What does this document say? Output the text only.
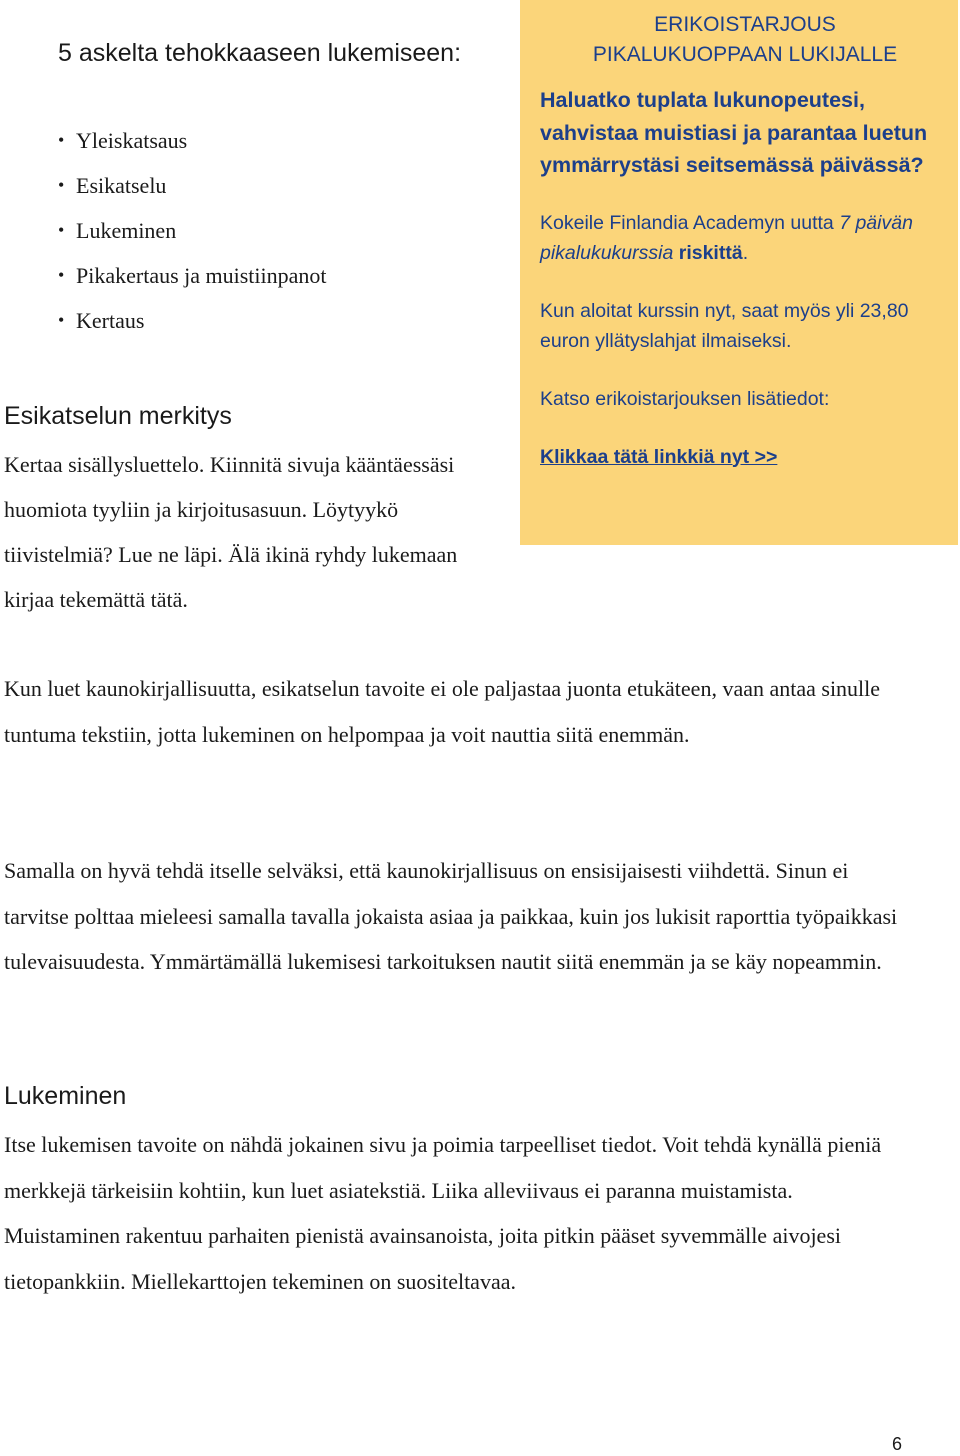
5 askelta tehokkaaseen lukemiseen:
• Yleiskatsaus
• Esikatselu
• Lukeminen
• Pikakertaus ja muistiinpanot
• Kertaus
Esikatselun merkitys

Kertaa sisällysluettelo. Kiinnitä sivuja kääntäessäsi huomiota tyyliin ja kirjoitusasuun. Löytyykö tiivistelmiä? Lue ne läpi. Älä ikinä ryhdy lukemaan kirjaa tekemättä tätä.

ERIKOISTARJOUS
PIKALUKUOPPAAN LUKIJALLE

Haluatko tuplata lukunopeutesi, vahvistaa muistiasi ja parantaa luetun ymmärrystäsi seitsemässä päivässä?

Kokeile Finlandia Academyn uutta 7 päivän pikalukukurssia riskittä.

Kun aloitat kurssin nyt, saat myös yli 23,80 euron yllätyslahjat ilmaiseksi.

Katso erikoistarjouksen lisätiedot:

Klikkaa tätä linkkiä nyt >>

Kun luet kaunokirjallisuutta, esikatselun tavoite ei ole paljastaa juonta etukäteen, vaan antaa sinulle tuntuma tekstiin, jotta lukeminen on helpompaa ja voit nauttia siitä enemmän.

Samalla on hyvä tehdä itselle selväksi, että kaunokirjallisuus on ensisijaisesti viihdettä. Sinun ei tarvitse polttaa mieleesi samalla tavalla jokaista asiaa ja paikkaa, kuin jos lukisit raporttia työpaikkasi tulevaisuudesta. Ymmärtämällä lukemisesi tarkoituksen nautit siitä enemmän ja se käy nopeammin.

Lukeminen

Itse lukemisen tavoite on nähdä jokainen sivu ja poimia tarpeelliset tiedot. Voit tehdä kynällä pieniä merkkejä tärkeisiin kohtiin, kun luet asiatekstiä. Liika alleviivaus ei paranna muistamista. Muistaminen rakentuu parhaiten pienistä avainsanoista, joita pitkin pääset syvemmälle aivojesi tietopankkiin. Miellekarttojen tekeminen on suositeltavaa.

6
